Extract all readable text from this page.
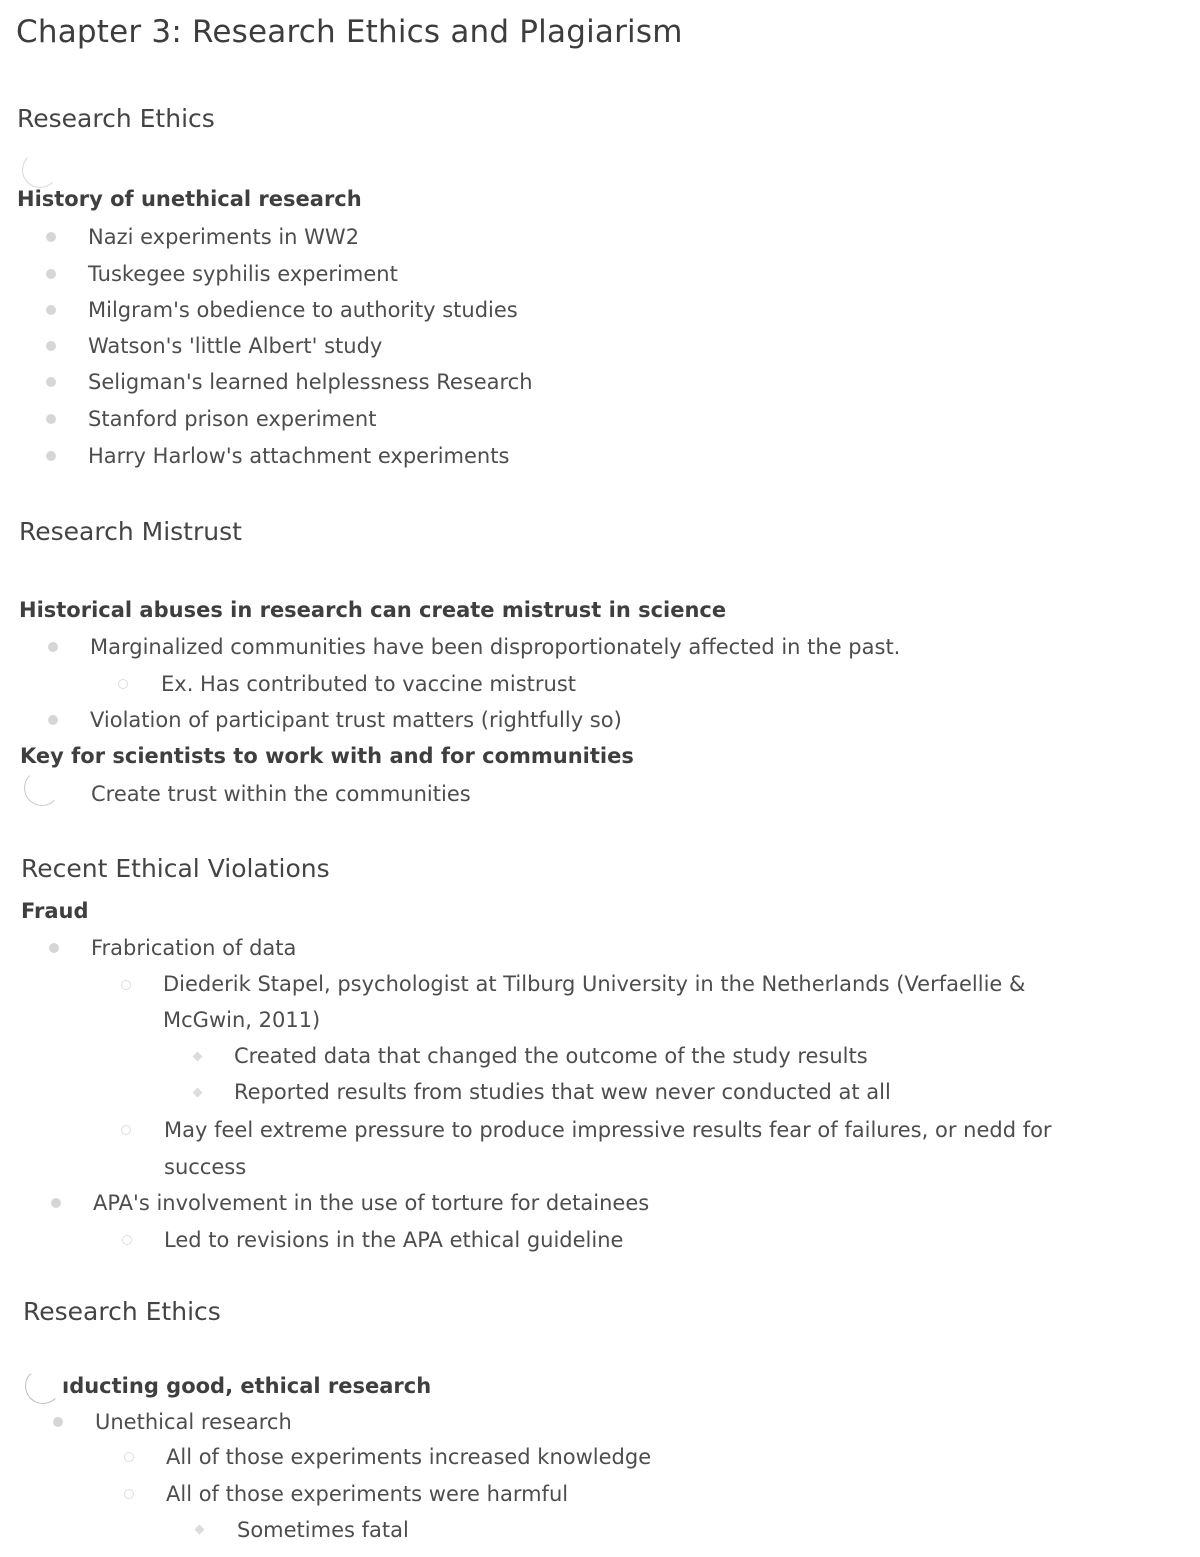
Chapter 3: Research Ethics and Plagiarism
Research Ethics
History of unethical research
Nazi experiments in WW2
Tuskegee syphilis experiment
Milgram's obedience to authority studies
Watson's 'little Albert' study
Seligman's learned helplessness Research
Stanford prison experiment
Harry Harlow's attachment experiments
Research Mistrust
Historical abuses in research can create mistrust in science
Marginalized communities have been disproportionately affected in the past.
Ex. Has contributed to vaccine mistrust
Violation of participant trust matters (rightfully so)
Key for scientists to work with and for communities
Create trust within the communities
Recent Ethical Violations
Fraud
Frabrication of data
Diederik Stapel, psychologist at Tilburg University in the Netherlands (Verfaellie &
McGwin, 2011)
Created data that changed the outcome of the study results
Reported results from studies that wew never conducted at all
May feel extreme pressure to produce impressive results fear of failures, or nedd for
success
APA's involvement in the use of torture for detainees
Led to revisions in the APA ethical guideline
Research Ethics
ıducting good, ethical research
Unethical research
All of those experiments increased knowledge
All of those experiments were harmful
Sometimes fatal
